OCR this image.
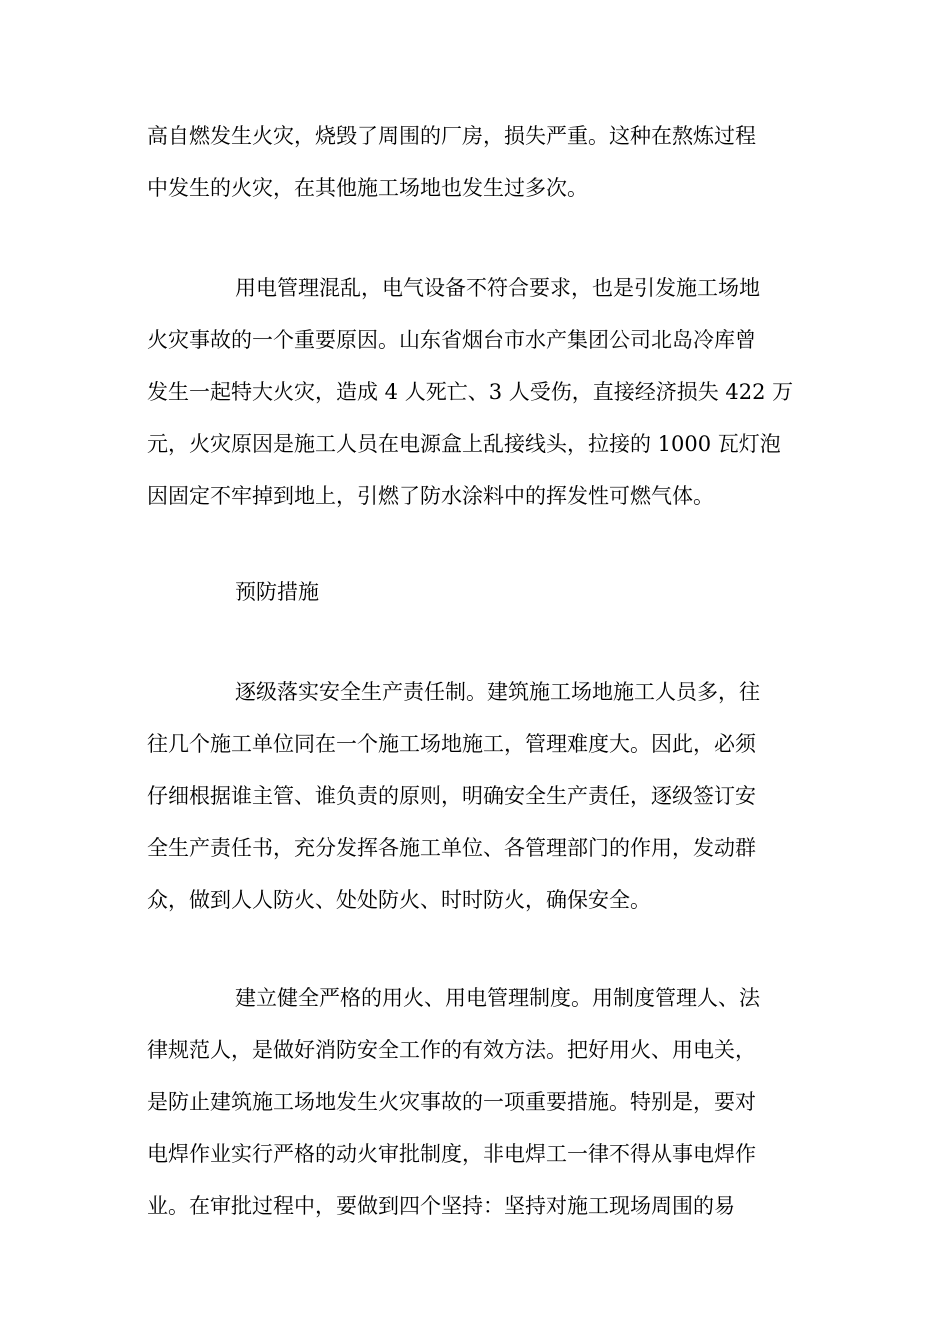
高自燃发生火灾，烧毁了周围的厂房，损失严重。这种在熬炼过程

中发生的火灾，在其他施工场地也发生过多次。

用电管理混乱，电气设备不符合要求，也是引发施工场地

火灾事故的一个重要原因。山东省烟台市水产集团公司北岛冷库曾

发生一起特大火灾，造成 4 人死亡、3 人受伤，直接经济损失 422 万

元，火灾原因是施工人员在电源盒上乱接线头，拉接的 1000 瓦灯泡

因固定不牢掉到地上，引燃了防水涂料中的挥发性可燃气体。

预防措施

逐级落实安全生产责任制。建筑施工场地施工人员多，往

往几个施工单位同在一个施工场地施工，管理难度大。因此，必须

仔细根据谁主管、谁负责的原则，明确安全生产责任，逐级签订安

全生产责任书，充分发挥各施工单位、各管理部门的作用，发动群

众，做到人人防火、处处防火、时时防火，确保安全。

建立健全严格的用火、用电管理制度。用制度管理人、法

律规范人，是做好消防安全工作的有效方法。把好用火、用电关，

是防止建筑施工场地发生火灾事故的一项重要措施。特别是，要对

电焊作业实行严格的动火审批制度，非电焊工一律不得从事电焊作

业。在审批过程中，要做到四个坚持：坚持对施工现场周围的易
